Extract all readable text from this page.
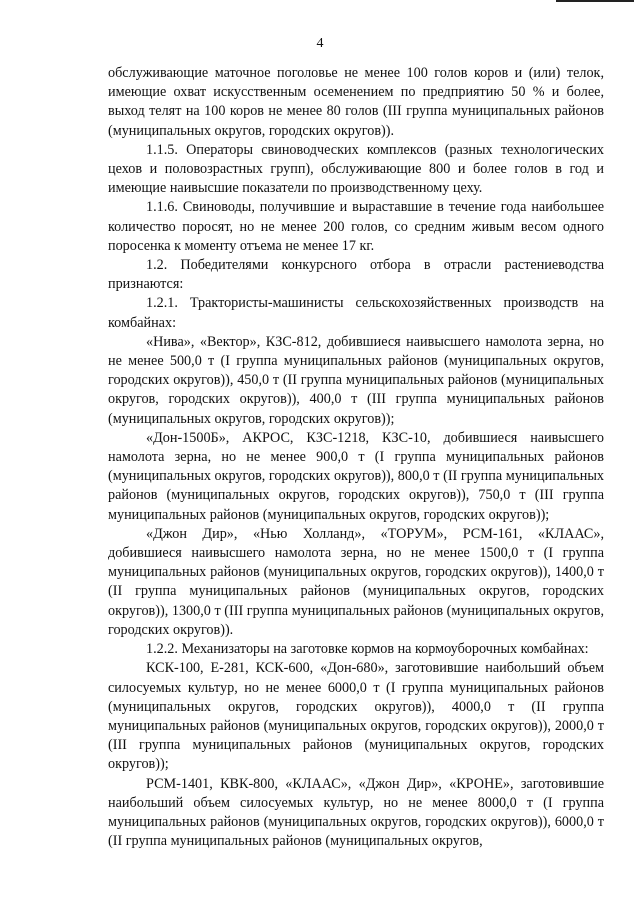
4

обслуживающие маточное поголовье не менее 100 голов коров и (или) телок, имеющие охват искусственным осеменением по предприятию 50 % и более, выход телят на 100 коров не менее 80 голов (III группа муниципальных районов (муниципальных округов, городских округов)).

1.1.5. Операторы свиноводческих комплексов (разных технологических цехов и половозрастных групп), обслуживающие 800 и более голов в год и имеющие наивысшие показатели по производственному цеху.

1.1.6. Свиноводы, получившие и выраставшие в течение года наибольшее количество поросят, но не менее 200 голов, со средним живым весом одного поросенка к моменту отъема не менее 17 кг.

1.2. Победителями конкурсного отбора в отрасли растениеводства признаются:

1.2.1. Трактористы-машинисты сельскохозяйственных производств на комбайнах:

«Нива», «Вектор», КЗС-812, добившиеся наивысшего намолота зерна, но не менее 500,0 т (I группа муниципальных районов (муниципальных округов, городских округов)), 450,0 т (II группа муниципальных районов (муниципальных округов, городских округов)), 400,0 т (III группа муниципальных районов (муниципальных округов, городских округов));

«Дон-1500Б», АКРОС, КЗС-1218, КЗС-10, добившиеся наивысшего намолота зерна, но не менее 900,0 т (I группа муниципальных районов (муниципальных округов, городских округов)), 800,0 т (II группа муниципальных районов (муниципальных округов, городских округов)), 750,0 т (III группа муниципальных районов (муниципальных округов, городских округов));

«Джон Дир», «Нью Холланд», «ТОРУМ», РСМ-161, «КЛААС», добившиеся наивысшего намолота зерна, но не менее 1500,0 т (I группа муниципальных районов (муниципальных округов, городских округов)), 1400,0 т (II группа муниципальных районов (муниципальных округов, городских округов)), 1300,0 т (III группа муниципальных районов (муниципальных округов, городских округов)).

1.2.2. Механизаторы на заготовке кормов на кормоуборочных комбайнах:

КСК-100, Е-281, КСК-600, «Дон-680», заготовившие наибольший объем силосуемых культур, но не менее 6000,0 т (I группа муниципальных районов (муниципальных округов, городских округов)), 4000,0 т (II группа муниципальных районов (муниципальных округов, городских округов)), 2000,0 т (III группа муниципальных районов (муниципальных округов, городских округов));

РСМ-1401, КВК-800, «КЛААС», «Джон Дир», «КРОНЕ», заготовившие наибольший объем силосуемых культур, но не менее 8000,0 т (I группа муниципальных районов (муниципальных округов, городских округов)), 6000,0 т (II группа муниципальных районов (муниципальных округов,
